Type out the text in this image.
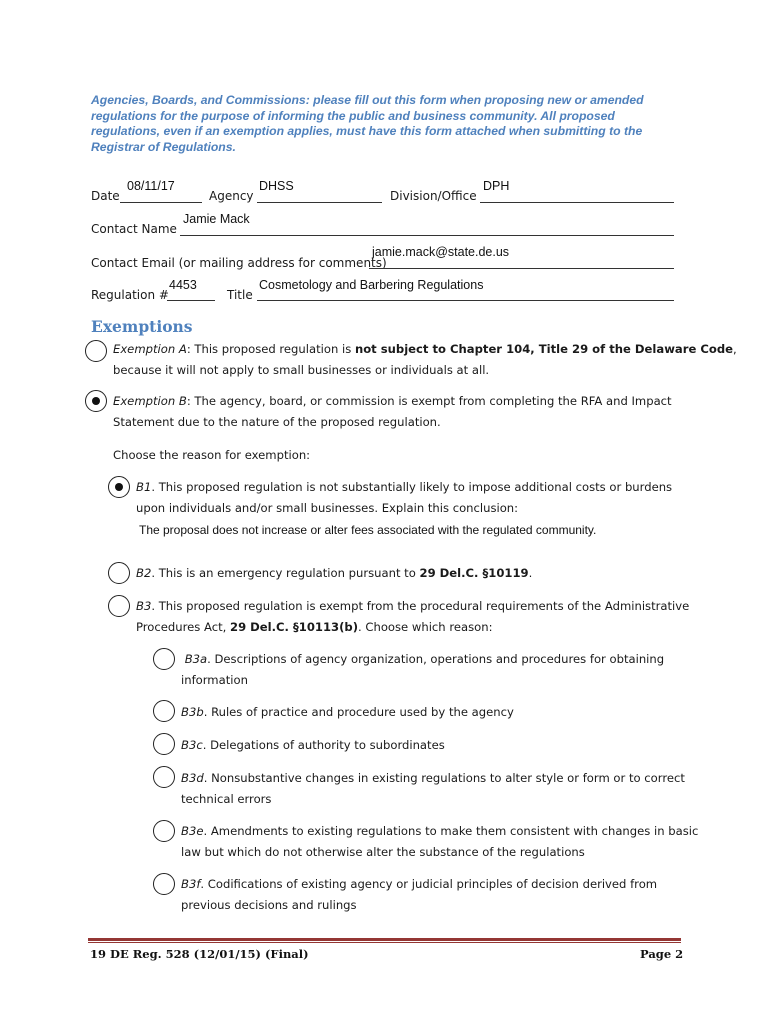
Agencies, Boards, and Commissions: please fill out this form when proposing new or amended regulations for the purpose of informing the public and business community. All proposed regulations, even if an exemption applies, must have this form attached when submitting to the Registrar of Regulations.
Date
08/11/17
Agency
DHSS
Division/Office
DPH
Contact Name
Jamie Mack
Contact Email (or mailing address for comments)
jamie.mack@state.de.us
Regulation #
4453
Title
Cosmetology and Barbering Regulations
Exemptions
Exemption A: This proposed regulation is not subject to Chapter 104, Title 29 of the Delaware Code,
because it will not apply to small businesses or individuals at all.
Exemption B: The agency, board, or commission is exempt from completing the RFA and Impact
Statement due to the nature of the proposed regulation.
Choose the reason for exemption:
B1. This proposed regulation is not substantially likely to impose additional costs or burdens
upon individuals and/or small businesses. Explain this conclusion:
The proposal does not increase or alter fees associated with the regulated community.
B2. This is an emergency regulation pursuant to 29 Del.C. §10119.
B3. This proposed regulation is exempt from the procedural requirements of the Administrative
Procedures Act, 29 Del.C. §10113(b). Choose which reason:
B3a. Descriptions of agency organization, operations and procedures for obtaining
information
B3b. Rules of practice and procedure used by the agency
B3c. Delegations of authority to subordinates
B3d. Nonsubstantive changes in existing regulations to alter style or form or to correct
technical errors
B3e. Amendments to existing regulations to make them consistent with changes in basic
law but which do not otherwise alter the substance of the regulations
B3f. Codifications of existing agency or judicial principles of decision derived from
previous decisions and rulings
19 DE Reg. 528 (12/01/15) (Final)	Page 2
